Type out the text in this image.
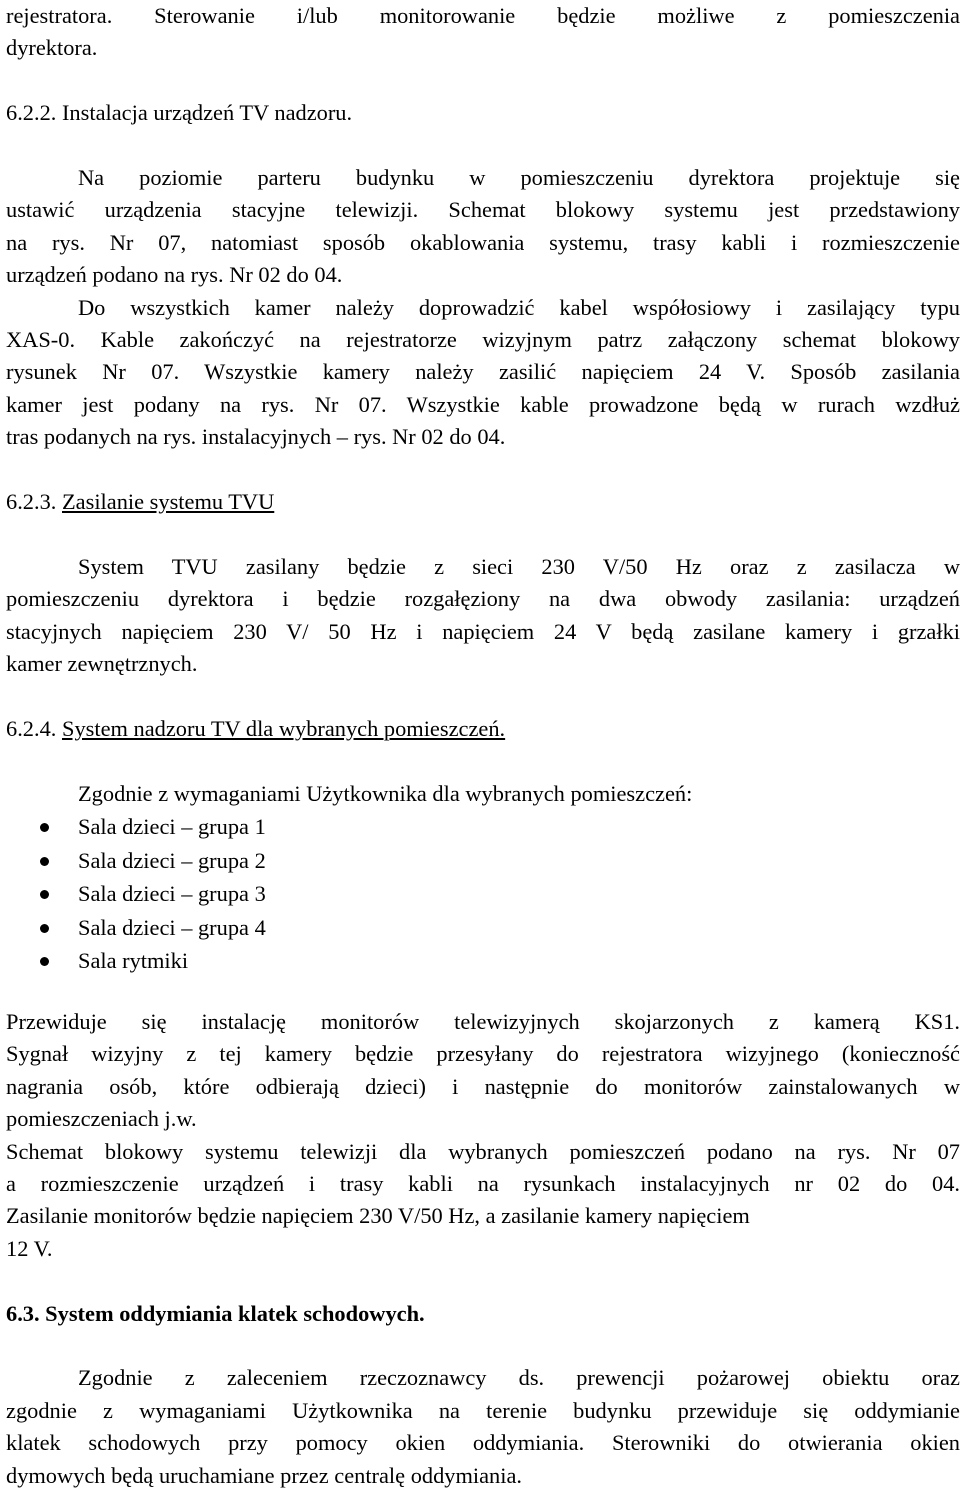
rejestratora. Sterowanie i/lub monitorowanie będzie możliwe z pomieszczenia

dyrektora.

6.2.2. Instalacja urządzeń TV nadzoru.

Na poziomie parteru budynku w pomieszczeniu dyrektora projektuje się

ustawić urządzenia stacyjne telewizji. Schemat blokowy systemu jest przedstawiony

na rys. Nr 07, natomiast sposób okablowania systemu, trasy kabli i rozmieszczenie

urządzeń podano na rys. Nr 02 do 04.

Do wszystkich kamer należy doprowadzić kabel współosiowy i zasilający typu

XAS-0. Kable zakończyć na rejestratorze wizyjnym patrz załączony schemat blokowy

rysunek Nr 07. Wszystkie kamery należy zasilić napięciem 24 V. Sposób zasilania

kamer jest podany na rys. Nr 07. Wszystkie kable prowadzone będą w rurach wzdłuż

tras podanych na rys. instalacyjnych – rys. Nr 02 do 04.

6.2.3. Zasilanie systemu TVU

System TVU zasilany będzie z sieci 230 V/50 Hz oraz z zasilacza w

pomieszczeniu dyrektora i będzie rozgałęziony na dwa obwody zasilania: urządzeń

stacyjnych napięciem 230 V/ 50 Hz i napięciem 24 V będą zasilane kamery i grzałki

kamer zewnętrznych.

6.2.4. System nadzoru TV dla wybranych pomieszczeń.

Zgodnie z wymaganiami Użytkownika dla wybranych pomieszczeń:

Sala dzieci – grupa 1
Sala dzieci – grupa 2
Sala dzieci – grupa 3
Sala dzieci – grupa 4
Sala rytmiki

Przewiduje się instalację monitorów telewizyjnych skojarzonych z kamerą KS1.

Sygnał wizyjny z tej kamery będzie przesyłany do rejestratora wizyjnego (konieczność

nagrania osób, które odbierają dzieci) i następnie do monitorów zainstalowanych w

pomieszczeniach j.w.

Schemat blokowy systemu telewizji dla wybranych pomieszczeń podano na rys. Nr 07

a rozmieszczenie urządzeń i trasy kabli na rysunkach instalacyjnych nr 02 do 04.

Zasilanie monitorów będzie napięciem 230 V/50 Hz, a zasilanie kamery napięciem

12 V.

6.3. System oddymiania klatek schodowych.

Zgodnie z zaleceniem rzeczoznawcy ds. prewencji pożarowej obiektu oraz

zgodnie z wymaganiami Użytkownika na terenie budynku przewiduje się oddymianie

klatek schodowych przy pomocy okien oddymiania. Sterowniki do otwierania okien

dymowych będą uruchamiane przez centralę oddymiania.
